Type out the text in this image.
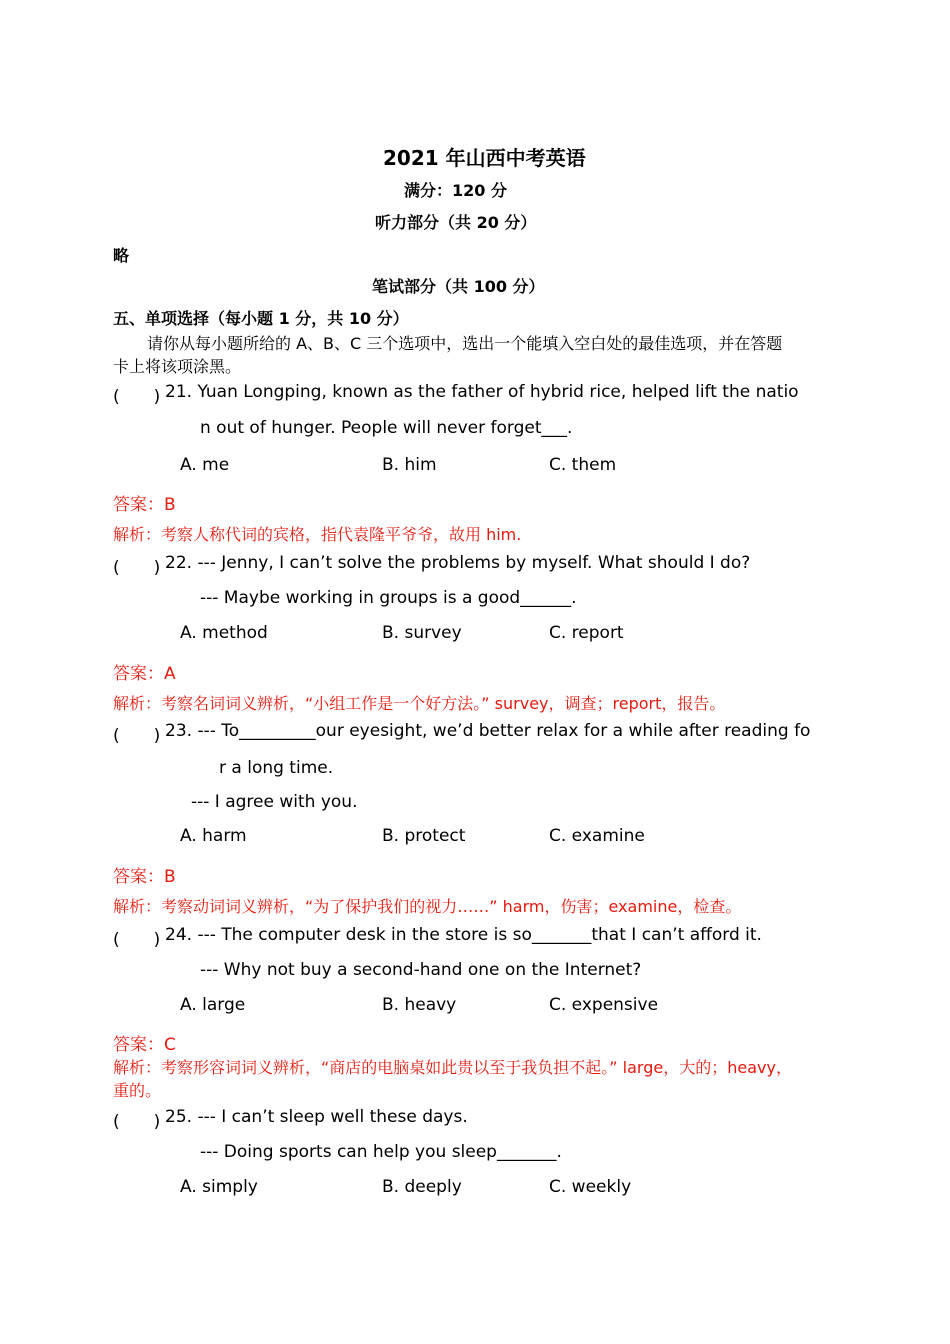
2021 年山西中考英语
满分：120 分
听力部分（共 20 分）
略
笔试部分（共 100 分）
五、单项选择（每小题 1 分，共 10 分）
请你从每小题所给的 A、B、C 三个选项中，选出一个能填入空白处的最佳选项，并在答题
卡上将该项涂黑。
(　　) 21. Yuan Longping, known as the father of hybrid rice, helped lift the natio
n out of hunger. People will never forget___.
A. me	B. him	C. them
答案：B
解析：考察人称代词的宾格，指代袁隆平爷爷，故用 him.
(　　) 22. --- Jenny, I can’t solve the problems by myself. What should I do?
--- Maybe working in groups is a good______.
A. method	B. survey	C. report
答案：A
解析：考察名词词义辨析，“小组工作是一个好方法。” survey，调查；report，报告。
(　　) 23. --- To_________our eyesight, we’d better relax for a while after reading fo
r a long time.
--- I agree with you.
A. harm	B. protect	C. examine
答案：B
解析：考察动词词义辨析，“为了保护我们的视力……” harm，伤害；examine，检查。
(　　) 24. --- The computer desk in the store is so_______that I can’t afford it.
--- Why not buy a second-hand one on the Internet?
A. large	B. heavy	C. expensive
答案：C
解析：考察形容词词义辨析，“商店的电脑桌如此贵以至于我负担不起。” large，大的；heavy，
重的。
(　　) 25. --- I can’t sleep well these days.
--- Doing sports can help you sleep_______.
A. simply	B. deeply	C. weekly
